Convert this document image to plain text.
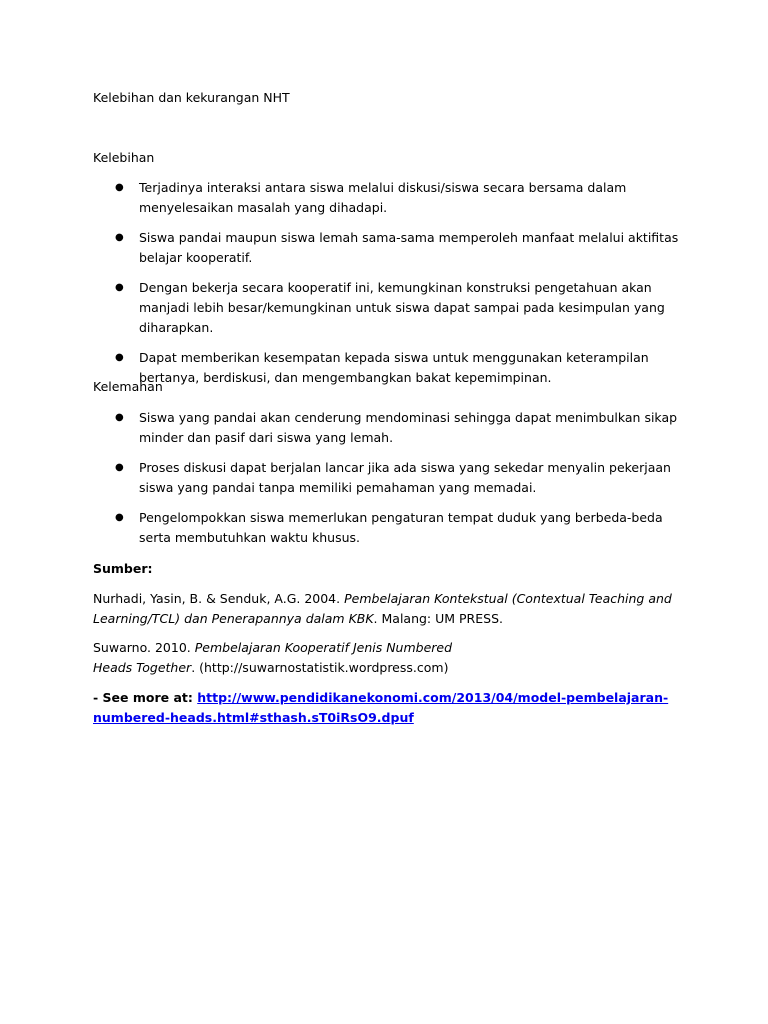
Kelebihan dan kekurangan NHT
Kelebihan
● Terjadinya interaksi antara siswa melalui diskusi/siswa secara bersama dalam menyelesaikan masalah yang dihadapi.
● Siswa pandai maupun siswa lemah sama-sama memperoleh manfaat melalui aktifitas belajar kooperatif.
● Dengan bekerja secara kooperatif ini, kemungkinan konstruksi pengetahuan akan manjadi lebih besar/kemungkinan untuk siswa dapat sampai pada kesimpulan yang diharapkan.
● Dapat memberikan kesempatan kepada siswa untuk menggunakan keterampilan bertanya, berdiskusi, dan mengembangkan bakat kepemimpinan.
Kelemahan
● Siswa yang pandai akan cenderung mendominasi sehingga dapat menimbulkan sikap minder dan pasif dari siswa yang lemah.
● Proses diskusi dapat berjalan lancar jika ada siswa yang sekedar menyalin pekerjaan siswa yang pandai tanpa memiliki pemahaman yang memadai.
● Pengelompokkan siswa memerlukan pengaturan tempat duduk yang berbeda-beda serta membutuhkan waktu khusus.

Sumber:

Nurhadi, Yasin, B. & Senduk, A.G. 2004. Pembelajaran Kontekstual (Contextual Teaching and Learning/TCL) dan Penerapannya dalam KBK. Malang: UM PRESS.

Suwarno. 2010. Pembelajaran Kooperatif Jenis Numbered Heads Together. (http://suwarnostatistik.wordpress.com)

- See more at: http://www.pendidikanekonomi.com/2013/04/model-pembelajaran-numbered-heads.html#sthash.sT0iRsO9.dpuf
